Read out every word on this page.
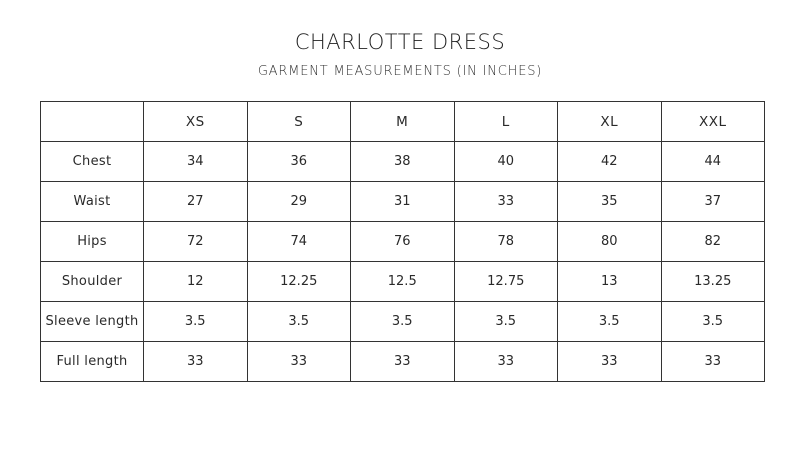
CHARLOTTE DRESS
GARMENT MEASUREMENTS (IN INCHES)
	XS	S	M	L	XL	XXL
Chest	34	36	38	40	42	44
Waist	27	29	31	33	35	37
Hips	72	74	76	78	80	82
Shoulder	12	12.25	12.5	12.75	13	13.25
Sleeve length	3.5	3.5	3.5	3.5	3.5	3.5
Full length	33	33	33	33	33	33
